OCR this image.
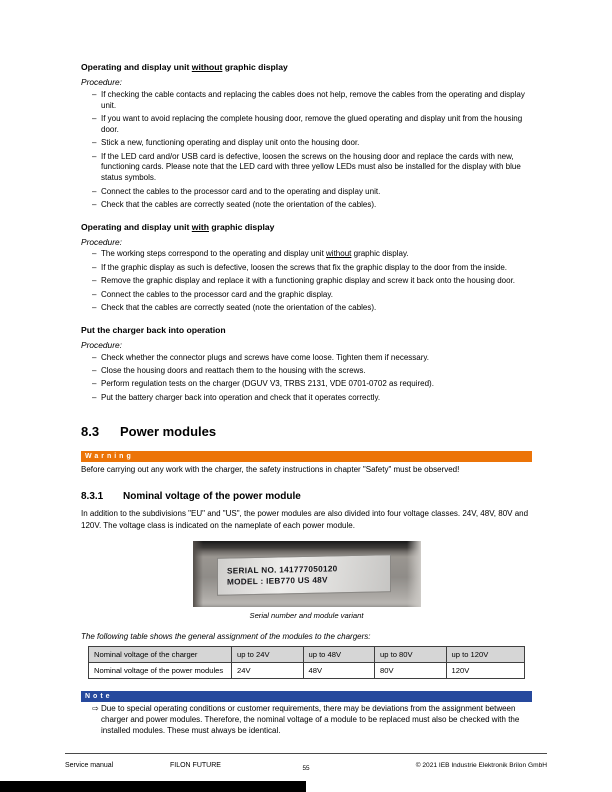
Operating and display unit without graphic display
Procedure:
– If checking the cable contacts and replacing the cables does not help, remove the cables from the operating and display unit.
– If you want to avoid replacing the complete housing door, remove the glued operating and display unit from the housing door.
– Stick a new, functioning operating and display unit onto the housing door.
– If the LED card and/or USB card is defective, loosen the screws on the housing door and replace the cards with new, functioning cards. Please note that the LED card with three yellow LEDs must also be installed for the display with blue status symbols.
– Connect the cables to the processor card and to the operating and display unit.
– Check that the cables are correctly seated (note the orientation of the cables).
Operating and display unit with graphic display
Procedure:
– The working steps correspond to the operating and display unit without graphic display.
– If the graphic display as such is defective, loosen the screws that fix the graphic display to the door from the inside.
– Remove the graphic display and replace it with a functioning graphic display and screw it back onto the housing door.
– Connect the cables to the processor card and the graphic display.
– Check that the cables are correctly seated (note the orientation of the cables).
Put the charger back into operation
Procedure:
– Check whether the connector plugs and screws have come loose. Tighten them if necessary.
– Close the housing doors and reattach them to the housing with the screws.
– Perform regulation tests on the charger (DGUV V3, TRBS 2131, VDE 0701-0702 as required).
– Put the battery charger back into operation and check that it operates correctly.
8.3	Power modules
Warning
Before carrying out any work with the charger, the safety instructions in chapter "Safety" must be observed!
8.3.1	Nominal voltage of the power module
In addition to the subdivisions "EU" and "US", the power modules are also divided into four voltage classes. 24V, 48V, 80V and 120V. The voltage class is indicated on the nameplate of each power module.
SERIAL NO. 141777050120
MODEL : IEB770 US 48V
Serial number and module variant
The following table shows the general assignment of the modules to the chargers:
Nominal voltage of the charger	up to 24V	up to 48V	up to 80V	up to 120V
Nominal voltage of the power modules	24V	48V	80V	120V
Note
⇨ Due to special operating conditions or customer requirements, there may be deviations from the assignment between charger and power modules. Therefore, the nominal voltage of a module to be replaced must also be checked with the installed modules. These must always be identical.
Service manual	FILON FUTURE	55	© 2021 IEB Industrie Elektronik Brilon GmbH
